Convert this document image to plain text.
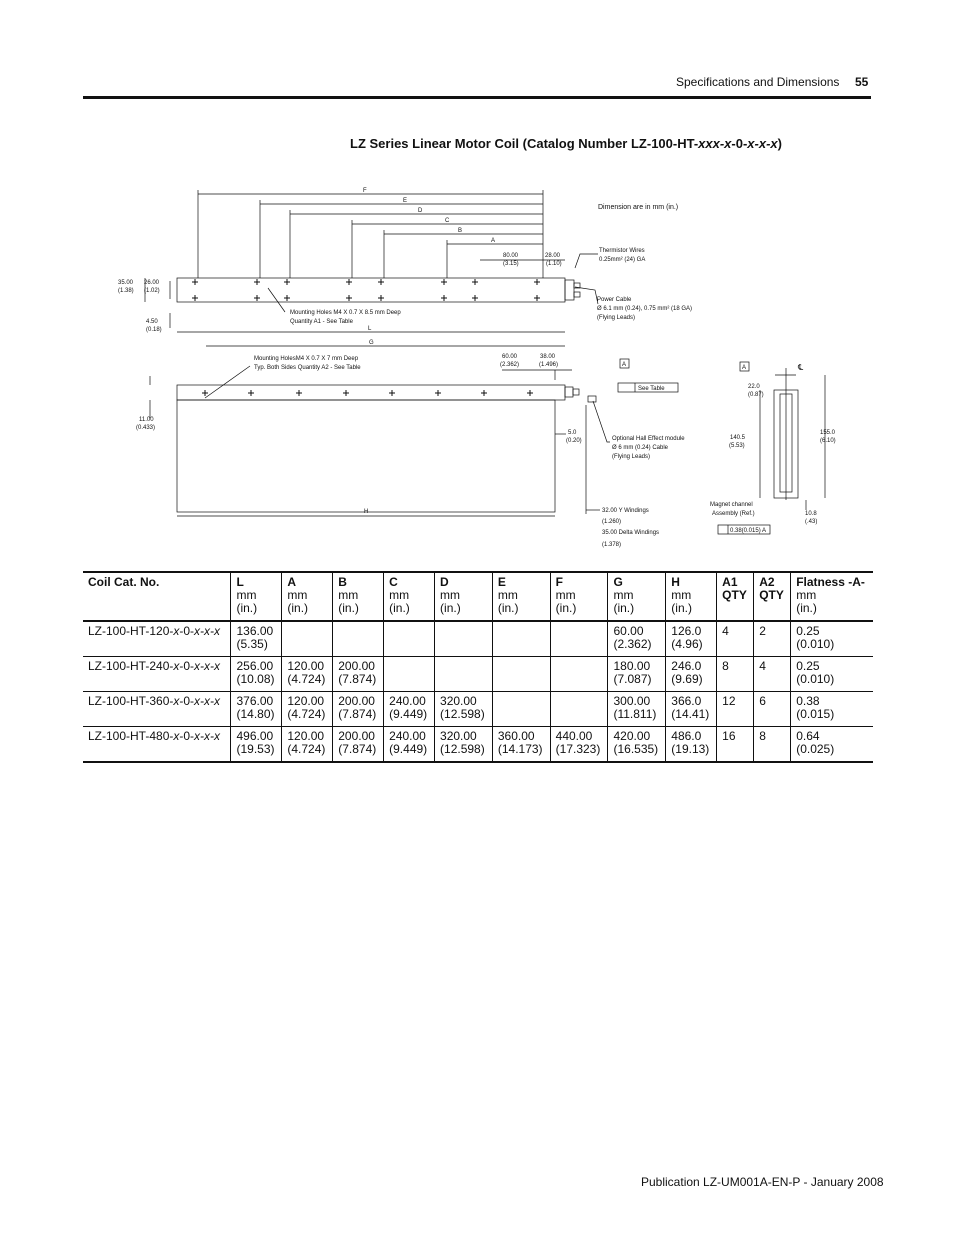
Specifications and Dimensions 55
LZ Series Linear Motor Coil (Catalog Number LZ-100-HT-xxx-x-0-x-x-x)
Dimension are in mm (in.)
F
E
D
C
B
A
L
G
H
80.00
(3.15)
28.00
(1.10)
35.00
(1.38)
26.00
(1.02)
4.50
(0.18)
60.00
(2.362)
38.00
(1.496)
11.00
(0.433)
5.0
(0.20)
22.0
(0.87)
140.5
(5.53)
155.0
(6.10)
10.8
(.43)
Thermistor Wires
0.25mm² (24) GA
Power Cable
Ø 6.1 mm (0.24), 0.75 mm² (18 GA)
(Flying Leads)
Mounting Holes M4 X 0.7 X 8.5 mm Deep
Quantity A1 - See Table
Mounting HolesM4 X 0.7 X 7 mm Deep
Typ. Both Sides Quantity A2 - See Table
See Table
A	A
Optional Hall Effect module
Ø 6 mm (0.24) Cable
(Flying Leads)
32.00 Y Windings
(1.260)
35.00 Delta Windings
(1.378)
Magnet channel
Assembly (Ref.)
0.38(0.015) A
℄
Coil Cat. No.	L
mm
(in.)	A
mm
(in.)	B
mm
(in.)	C
mm
(in.)	D
mm
(in.)	E
mm
(in.)	F
mm
(in.)	G
mm
(in.)	H
mm
(in.)	A1
QTY	A2
QTY	Flatness -A-
mm
(in.)

LZ-100-HT-120-x-0-x-x-x	136.00
(5.35)							60.00
(2.362)	126.0
(4.96)	4	2	0.25
(0.010)

LZ-100-HT-240-x-0-x-x-x	256.00
(10.08)	120.00
(4.724)	200.00
(7.874)					180.00
(7.087)	246.0
(9.69)	8	4	0.25
(0.010)

LZ-100-HT-360-x-0-x-x-x	376.00
(14.80)	120.00
(4.724)	200.00
(7.874)	240.00
(9.449)	320.00
(12.598)			300.00
(11.811)	366.0
(14.41)	12	6	0.38
(0.015)

LZ-100-HT-480-x-0-x-x-x	496.00
(19.53)	120.00
(4.724)	200.00
(7.874)	240.00
(9.449)	320.00
(12.598)	360.00
(14.173)	440.00
(17.323)	420.00
(16.535)	486.0
(19.13)	16	8	0.64
(0.025)
Publication LZ-UM001A-EN-P - January 2008
